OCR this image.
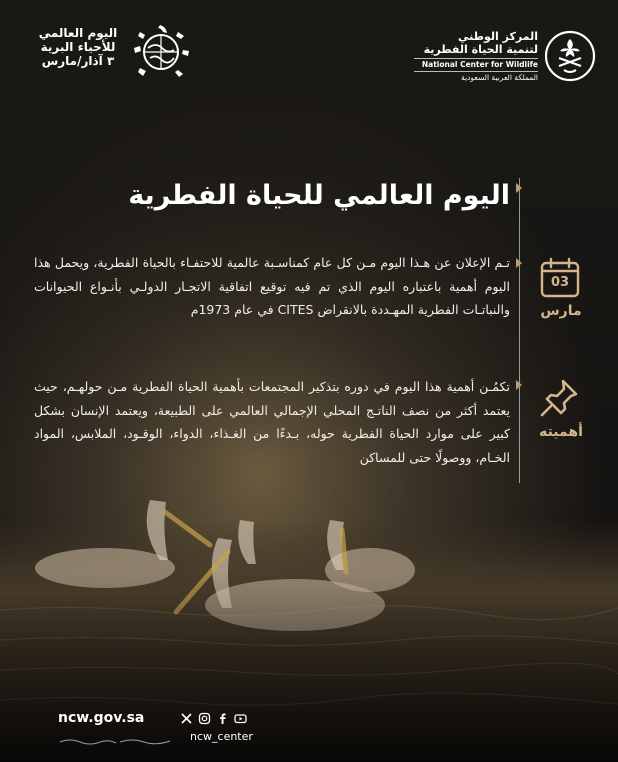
اليوم العالمي
للأحياء البرية
٣ آذار/مارس
المركز الوطني
لتنمية الحياة الفطرية
National Center for Wildlife
المملكة العربية السعودية
اليوم العالمي للحياة الفطرية
تـم الإعلان عن هـذا اليوم مـن كل عام كمناسـبة عالمية للاحتفـاء بالحياة الفطرية، ويحمل هذا اليوم أهمية باعتباره اليوم الذي تم فيه توقيع اتفاقية الاتجـار الدولـي بأنـواع الحيوانات والنباتـات الفطرية المهـددة بالانقراض CITES في عام 1973م
تكمُـن أهمية هذا اليوم في دوره بتذكير المجتمعات بأهمية الحياة الفطرية مـن حولهـم، حيث يعتمد أكثر من نصف الناتـج المحلي الإجمالي العالمي على الطبيعة، ويعتمد الإنسان بشكل كبير على موارد الحياة الفطرية حوله، بـدءًا من الغـذاء، الدواء، الوقـود، الملابس، المواد الخـام، ووصولًا حتى للمساكن
03
مارس
أهميته
ncw.gov.sa
ncw_center
